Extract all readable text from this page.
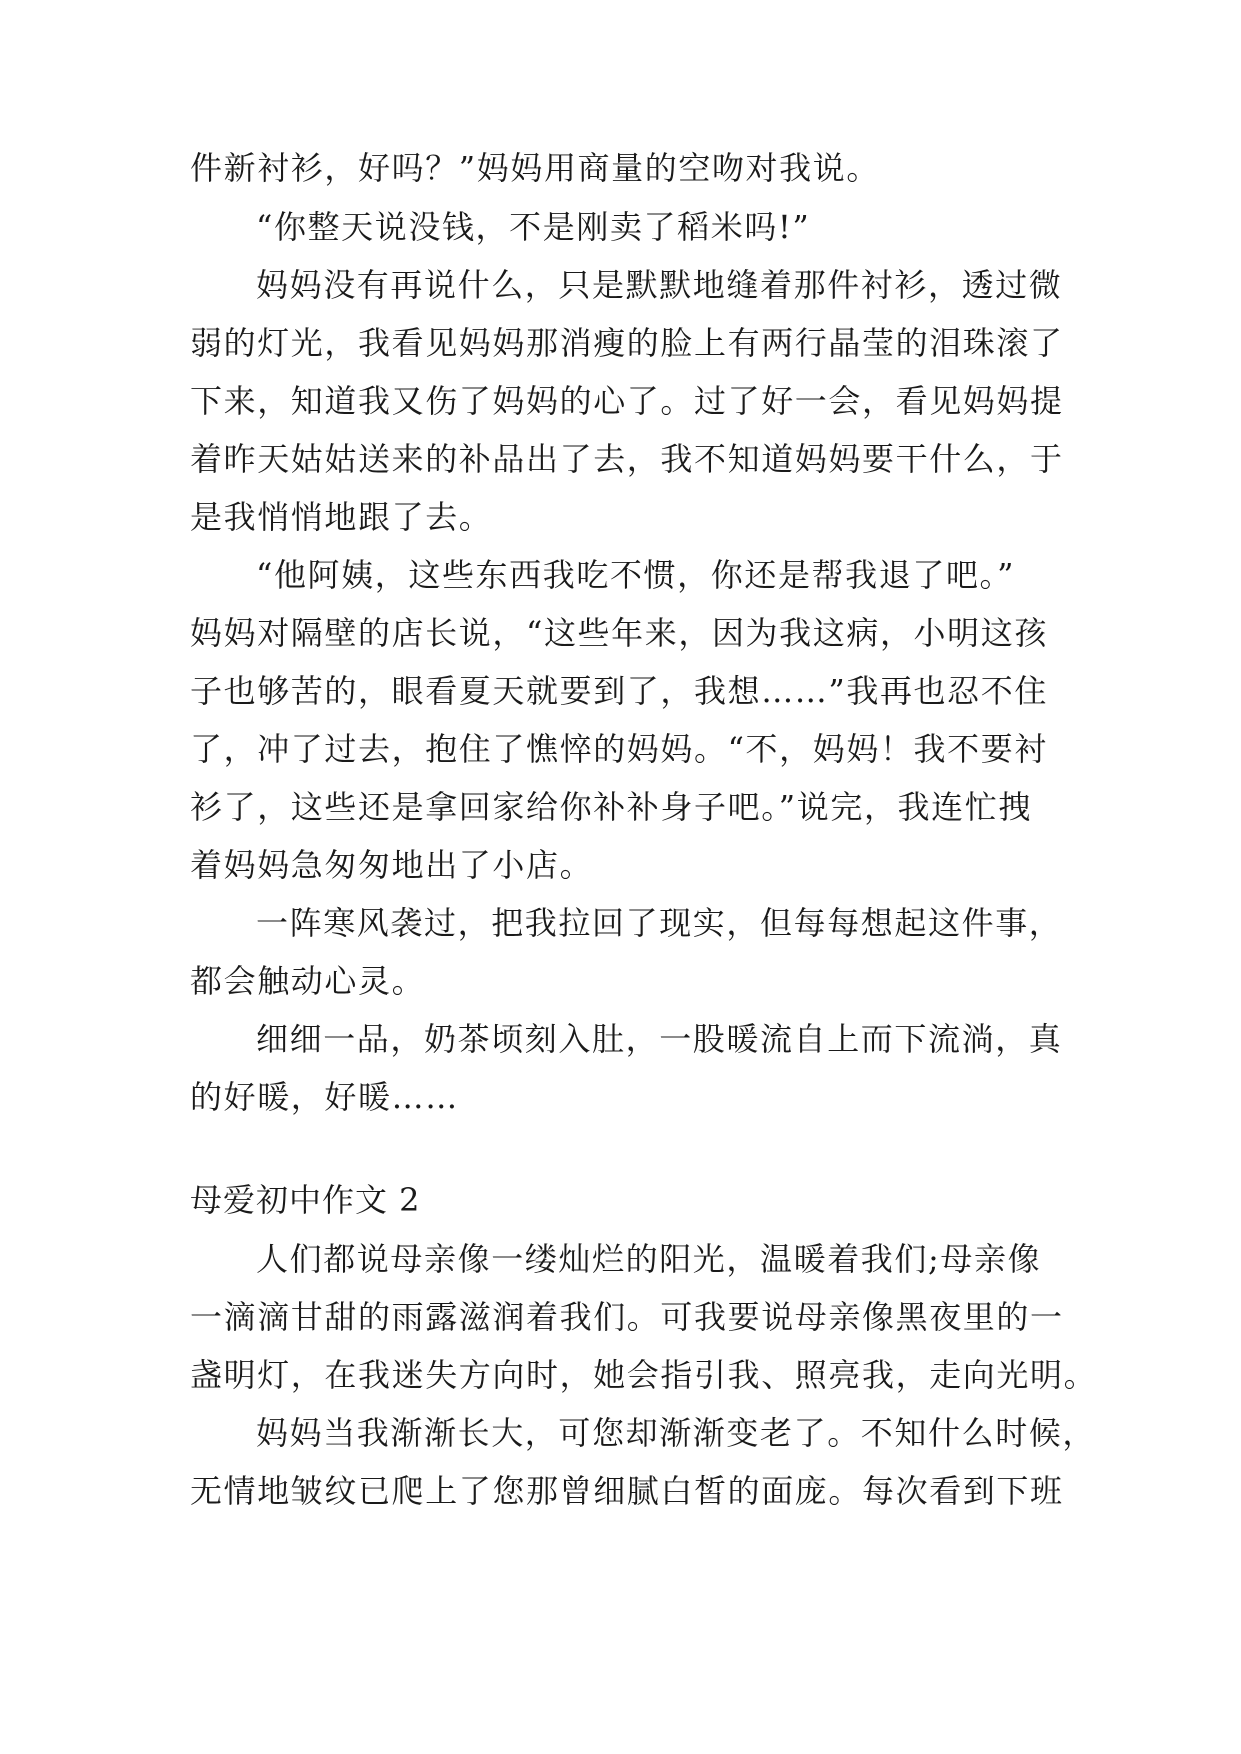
件新衬衫，好吗？”妈妈用商量的空吻对我说。
“你整天说没钱，不是刚卖了稻米吗!”
妈妈没有再说什么，只是默默地缝着那件衬衫，透过微
弱的灯光，我看见妈妈那消瘦的脸上有两行晶莹的泪珠滚了
下来，知道我又伤了妈妈的心了。过了好一会，看见妈妈提
着昨天姑姑送来的补品出了去，我不知道妈妈要干什么，于
是我悄悄地跟了去。
“他阿姨，这些东西我吃不惯，你还是帮我退了吧。”
妈妈对隔壁的店长说，“这些年来，因为我这病，小明这孩
子也够苦的，眼看夏天就要到了，我想……”我再也忍不住
了，冲了过去，抱住了憔悴的妈妈。“不，妈妈！我不要衬
衫了，这些还是拿回家给你补补身子吧。”说完，我连忙拽
着妈妈急匆匆地出了小店。
一阵寒风袭过，把我拉回了现实，但每每想起这件事，
都会触动心灵。
细细一品，奶茶顷刻入肚，一股暖流自上而下流淌，真
的好暖，好暖……
母爱初中作文 2
人们都说母亲像一缕灿烂的阳光，温暖着我们;母亲像
一滴滴甘甜的雨露滋润着我们。可我要说母亲像黑夜里的一
盏明灯，在我迷失方向时，她会指引我、照亮我，走向光明。
妈妈当我渐渐长大，可您却渐渐变老了。不知什么时候，
无情地皱纹已爬上了您那曾细腻白皙的面庞。每次看到下班
